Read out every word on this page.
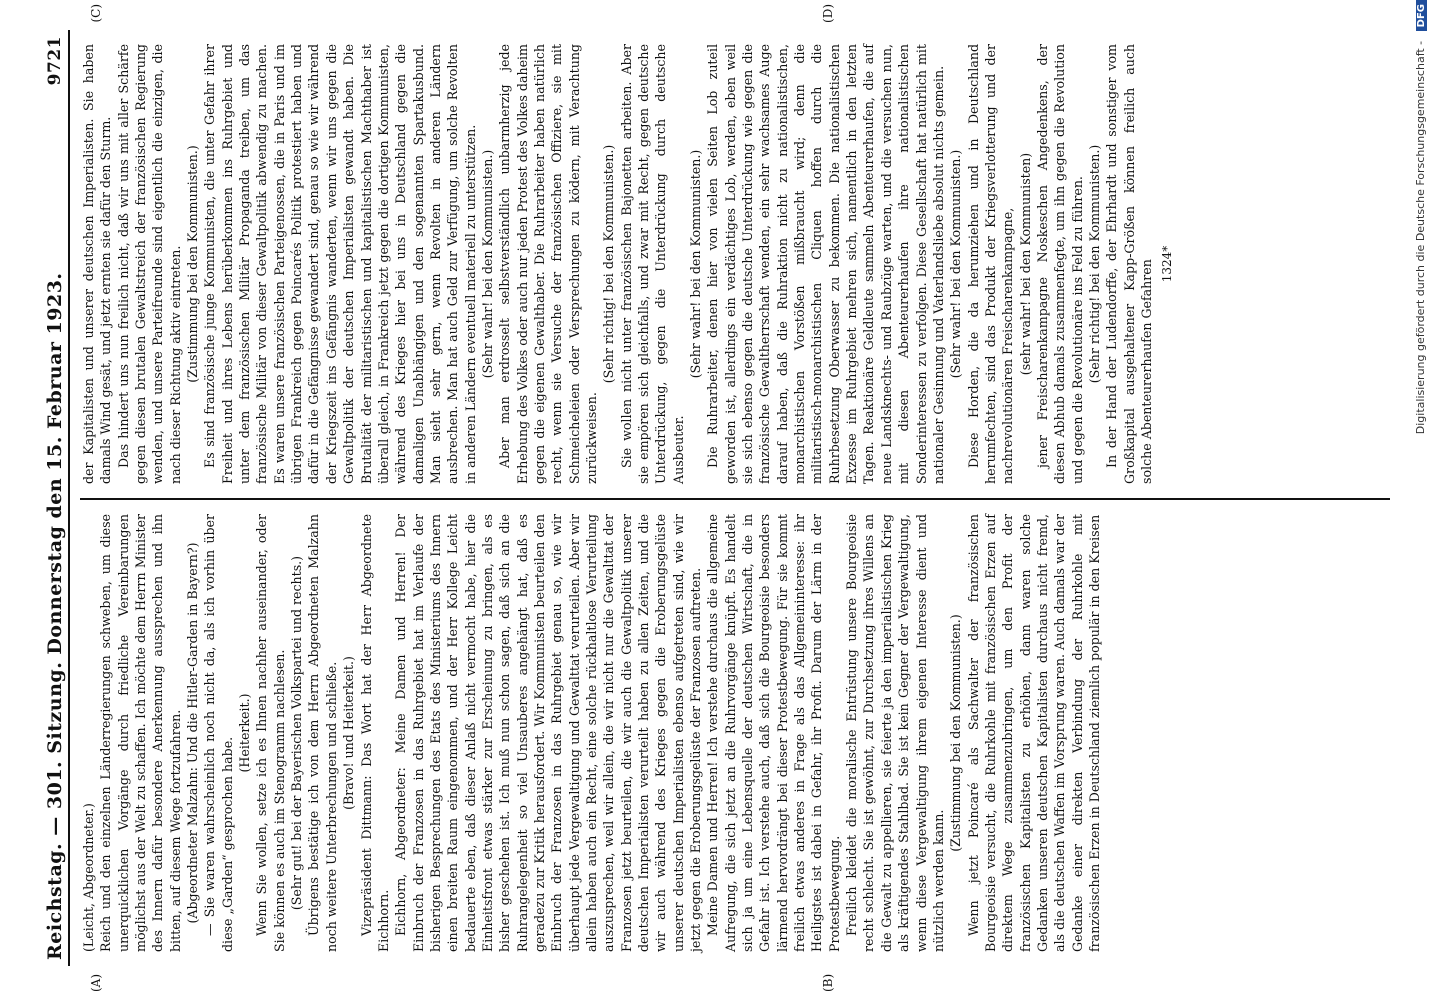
Reichstag. — 301. Sitzung. Donnerstag den 15. Februar 1923.
9721
(A)	(B)
(C)	(D)

(Leicht, Abgeordneter.) Reich und den einzelnen Länderregierungen schweben, um diese unerquicklichen Vorgänge durch friedliche Vereinbarungen möglichst aus der Welt zu schaffen. Ich möchte dem Herrn Minister des Innern dafür besondere Anerkennung aussprechen und ihn bitten, auf diesem Wege fortzufahren. (Abgeordneter Malzahn: Und die Hitler-Garden in Bayern?) — Sie waren wahrscheinlich noch nicht da, als ich vorhin über diese „Garden“ gesprochen habe.

(Heiterkeit.) Wenn Sie wollen, setze ich es Ihnen nachher auseinander, oder Sie können es auch im Stenogramm nachlesen. (Sehr gut! bei der Bayerischen Volkspartei und rechts.) Übrigens bestätige ich von dem Herrn Abgeordneten Malzahn noch weitere Unterbrechungen und schließe. (Bravo! und Heiterkeit.) Vizepräsident Dittmann: Das Wort hat der Herr Abgeordnete Eichhorn. Eichhorn, Abgeordneter: Meine Damen und Herren! Der Einbruch der Franzosen in das Ruhrgebiet hat im Verlaufe der bisherigen Besprechungen des Etats des Ministeriums des Innern einen breiten Raum eingenommen, und der Herr Kollege Leicht bedauerte eben, daß dieser Anlaß nicht vermocht habe, hier die Einheitsfront etwas stärker zur Erscheinung zu bringen, als es bisher geschehen ist. Ich muß nun schon sagen, daß sich an die Ruhrangelegenheit so viel Unsauberes angehängt hat, daß es geradezu zur Kritik herausfordert. Wir Kommunisten beurteilen den Einbruch der Franzosen in das Ruhrgebiet genau so, wie wir überhaupt jede Vergewaltigung und Gewalttat verurteilen. Aber wir allein haben auch ein Recht, eine solche rückhaltlose Verurteilung auszusprechen, weil wir allein, die wir nicht nur die Gewalttat der Franzosen jetzt beurteilen, die wir auch die Gewaltpolitik unserer deutschen Imperialisten verurteilt haben zu allen Zeiten, und die wir auch während des Krieges gegen die Eroberungsgelüste unserer deutschen Imperialisten ebenso aufgetreten sind, wie wir jetzt gegen die Eroberungsgelüste der Franzosen auftreten. Meine Damen und Herren! Ich verstehe durchaus die allgemeine Aufregung, die sich jetzt an die Ruhrvorgänge knüpft. Es handelt sich ja um eine Lebensquelle der deutschen Wirtschaft, die in Gefahr ist. Ich verstehe auch, daß sich die Bourgeoisie besonders lärmend hervordrängt bei dieser Protestbewegung. Für sie kommt freilich etwas anderes in Frage als das Allgemeininteresse: ihr Heiligstes ist dabei in Gefahr, ihr Profit. Darum der Lärm in der Protestbewegung. Freilich kleidet die moralische Entrüstung unsere Bourgeoisie recht schlecht. Sie ist gewöhnt, zur Durchsetzung ihres Willens an die Gewalt zu appellieren, sie feierte ja den imperialistischen Krieg als kräftigendes Stahlbad. Sie ist kein Gegner der Vergewaltigung, wenn diese Vergewaltigung ihrem eigenen Interesse dient und nützlich werden kann.

(Zustimmung bei den Kommunisten.) Wenn jetzt Poincaré als Sachwalter der französischen Bourgeoisie versucht, die Ruhrkohle mit französischen Erzen auf direktem Wege zusammenzubringen, um den Profit der französischen Kapitalisten zu erhöhen, dann waren solche Gedanken unseren deutschen Kapitalisten durchaus nicht fremd, als die deutschen Waffen im Vorsprung waren. Auch damals war der Gedanke einer direkten Verbindung der Ruhrkohle mit französischen Erzen in Deutschland ziemlich populär in den Kreisen

der Kapitalisten und unserer deutschen Imperialisten. Sie haben damals Wind gesät, und jetzt ernten sie dafür den Sturm. Das hindert uns nun freilich nicht, daß wir uns mit aller Schärfe gegen diesen brutalen Gewaltstreich der französischen Regierung wenden, und unsere Parteifreunde sind eigentlich die einzigen, die nach dieser Richtung aktiv eintreten. (Zustimmung bei den Kommunisten.) Es sind französische junge Kommunisten, die unter Gefahr ihrer Freiheit und ihres Lebens herüberkommen ins Ruhrgebiet und unter dem französischen Militär Propaganda treiben, um das französische Militär von dieser Gewaltpolitik abwendig zu machen. Es waren unsere französischen Parteigenossen, die in Paris und im übrigen Frankreich gegen Poincarés Politik protestiert haben und dafür in die Gefängnisse gewandert sind, genau so wie wir während der Kriegszeit ins Gefängnis wanderten, wenn wir uns gegen die Gewaltpolitik der deutschen Imperialisten gewandt haben. Die Brutalität der militaristischen und kapitalistischen Machthaber ist überall gleich, in Frankreich jetzt gegen die dortigen Kommunisten, während des Krieges hier bei uns in Deutschland gegen die damaligen Unabhängigen und den sogenannten Spartakusbund. Man sieht sehr gern, wenn Revolten in anderen Ländern ausbrechen. Man hat auch Geld zur Verfügung, um solche Revolten in anderen Ländern eventuell materiell zu unterstützen. (Sehr wahr! bei den Kommunisten.) Aber man erdrosselt selbstverständlich unbarmherzig jede Erhebung des Volkes oder auch nur jeden Protest des Volkes daheim gegen die eigenen Gewalthaber. Die Ruhrarbeiter haben natürlich recht, wenn sie Versuche der französischen Offiziere, sie mit Schmeicheleien oder Versprechungen zu ködern, mit Verachtung zurückweisen.

(Sehr richtig! bei den Kommunisten.) Sie wollen nicht unter französischen Bajonetten arbeiten. Aber sie empören sich gleichfalls, und zwar mit Recht, gegen deutsche Unterdrückung, gegen die Unterdrückung durch deutsche Ausbeuter.

(Sehr wahr! bei den Kommunisten.) Die Ruhrarbeiter, denen hier von vielen Seiten Lob zuteil geworden ist, allerdings ein verdächtiges Lob, werden, eben weil sie sich ebenso gegen die deutsche Unterdrückung wie gegen die französische Gewaltherrschaft wenden, ein sehr wachsames Auge darauf haben, daß die Ruhraktion nicht zu nationalistischen, monarchistischen Vorstößen mißbraucht wird; denn die militaristisch-monarchistischen Cliquen hoffen durch die Ruhrbesetzung Oberwasser zu bekommen. Die nationalistischen Exzesse im Ruhrgebiet mehren sich, namentlich in den letzten Tagen. Reaktionäre Geldleute sammeln Abenteurerhaufen, die auf neue Landsknechts- und Raubzüge warten, und die versuchen nun, mit diesen Abenteurerhaufen ihre nationalistischen Sonderinteressen zu verfolgen. Diese Gesellschaft hat natürlich mit nationaler Gesinnung und Vaterlandsliebe absolut nichts gemein. (Sehr wahr! bei den Kommunisten.) Diese Horden, die da herumziehen und in Deutschland herumfechten, sind das Produkt der Kriegsverlotterung und der nachrevolutionären Freischarenkampagne, (sehr wahr! bei den Kommunisten) jener Freischarenkampagne Noskeschen Angedenkens, der diesen Abhub damals zusammenfegte, um ihn gegen die Revolution und gegen die Revolutionäre ins Feld zu führen. (Sehr richtig! bei den Kommunisten.) In der Hand der Ludendorffe, der Ehrhardt und sonstiger vom Großkapital ausgehaltener Kapp-Größen können freilich auch solche Abenteurerhaufen Gefahren 1324*	Digitalisierung gefördert durch die Deutsche Forschungsgemeinschaft - DFG
